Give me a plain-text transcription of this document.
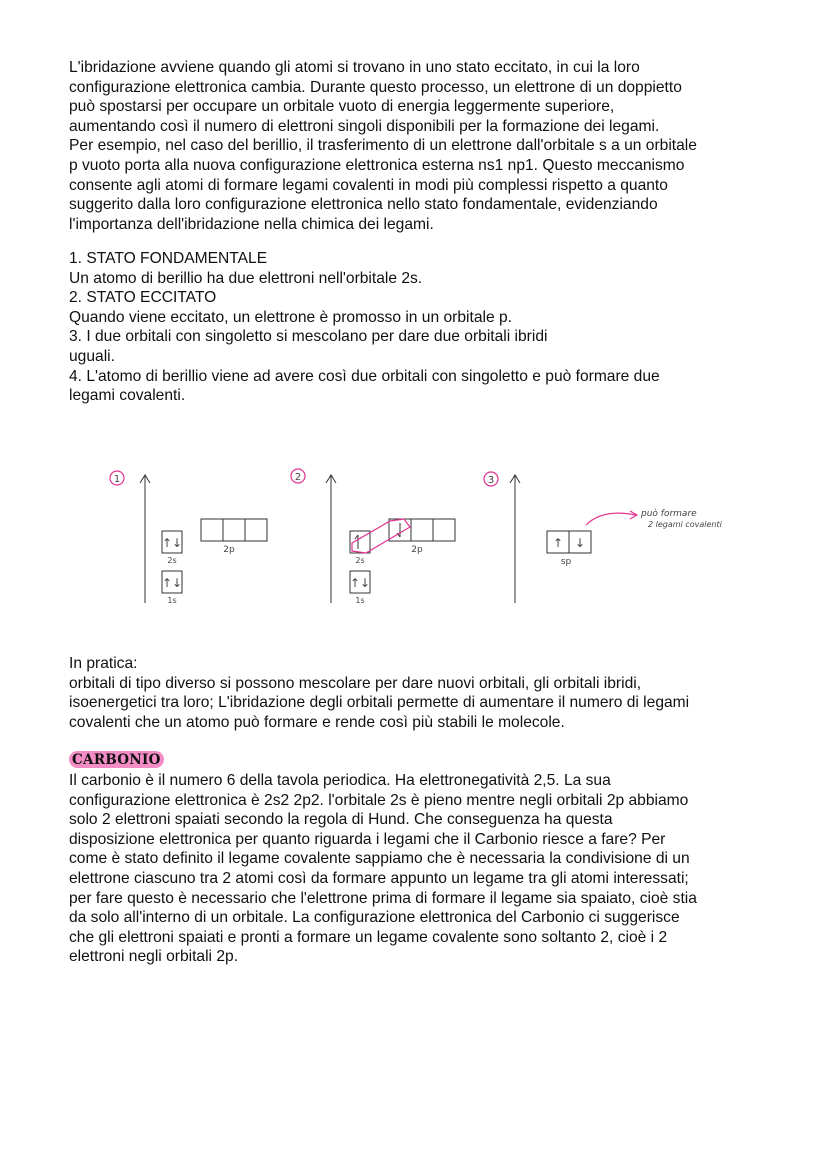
L'ibridazione avviene quando gli atomi si trovano in uno stato eccitato, in cui la loro
configurazione elettronica cambia. Durante questo processo, un elettrone di un doppietto
può spostarsi per occupare un orbitale vuoto di energia leggermente superiore,
aumentando così il numero di elettroni singoli disponibili per la formazione dei legami.
Per esempio, nel caso del berillio, il trasferimento di un elettrone dall'orbitale s a un orbitale
p vuoto porta alla nuova configurazione elettronica esterna ns1 np1. Questo meccanismo
consente agli atomi di formare legami covalenti in modi più complessi rispetto a quanto
suggerito dalla loro configurazione elettronica nello stato fondamentale, evidenziando
l'importanza dell'ibridazione nella chimica dei legami.

1. STATO FONDAMENTALE
Un atomo di berillio ha due elettroni nell'orbitale 2s.
2. STATO ECCITATO
Quando viene eccitato, un elettrone è promosso in un orbitale p.
3. I due orbitali con singoletto si mescolano per dare due orbitali ibridi
uguali.
4. L'atomo di berillio viene ad avere così due orbitali con singoletto e può formare due
legami covalenti.

In pratica:
orbitali di tipo diverso si possono mescolare per dare nuovi orbitali, gli orbitali ibridi,
isoenergetici tra loro; L'ibridazione degli orbitali permette di aumentare il numero di legami
covalenti che un atomo può formare e rende così più stabili le molecole.

CARBONIO

Il carbonio è il numero 6 della tavola periodica. Ha elettronegatività 2,5. La sua
configurazione elettronica è 2s2 2p2. l'orbitale 2s è pieno mentre negli orbitali 2p abbiamo
solo 2 elettroni spaiati secondo la regola di Hund. Che conseguenza ha questa
disposizione elettronica per quanto riguarda i legami che il Carbonio riesce a fare? Per
come è stato definito il legame covalente sappiamo che è necessaria la condivisione di un
elettrone ciascuno tra 2 atomi così da formare appunto un legame tra gli atomi interessati;
per fare questo è necessario che l'elettrone prima di formare il legame sia spaiato, cioè stia
da solo all'interno di un orbitale. La configurazione elettronica del Carbonio ci suggerisce
che gli elettroni spaiati e pronti a formare un legame covalente sono soltanto 2, cioè i 2
elettroni negli orbitali 2p.

1
↑↓
2s
2p
↑↓
1s
2
2s
2p
↑↓
1s
3
↑ ↓
sp
può formare
2 legami covalenti
